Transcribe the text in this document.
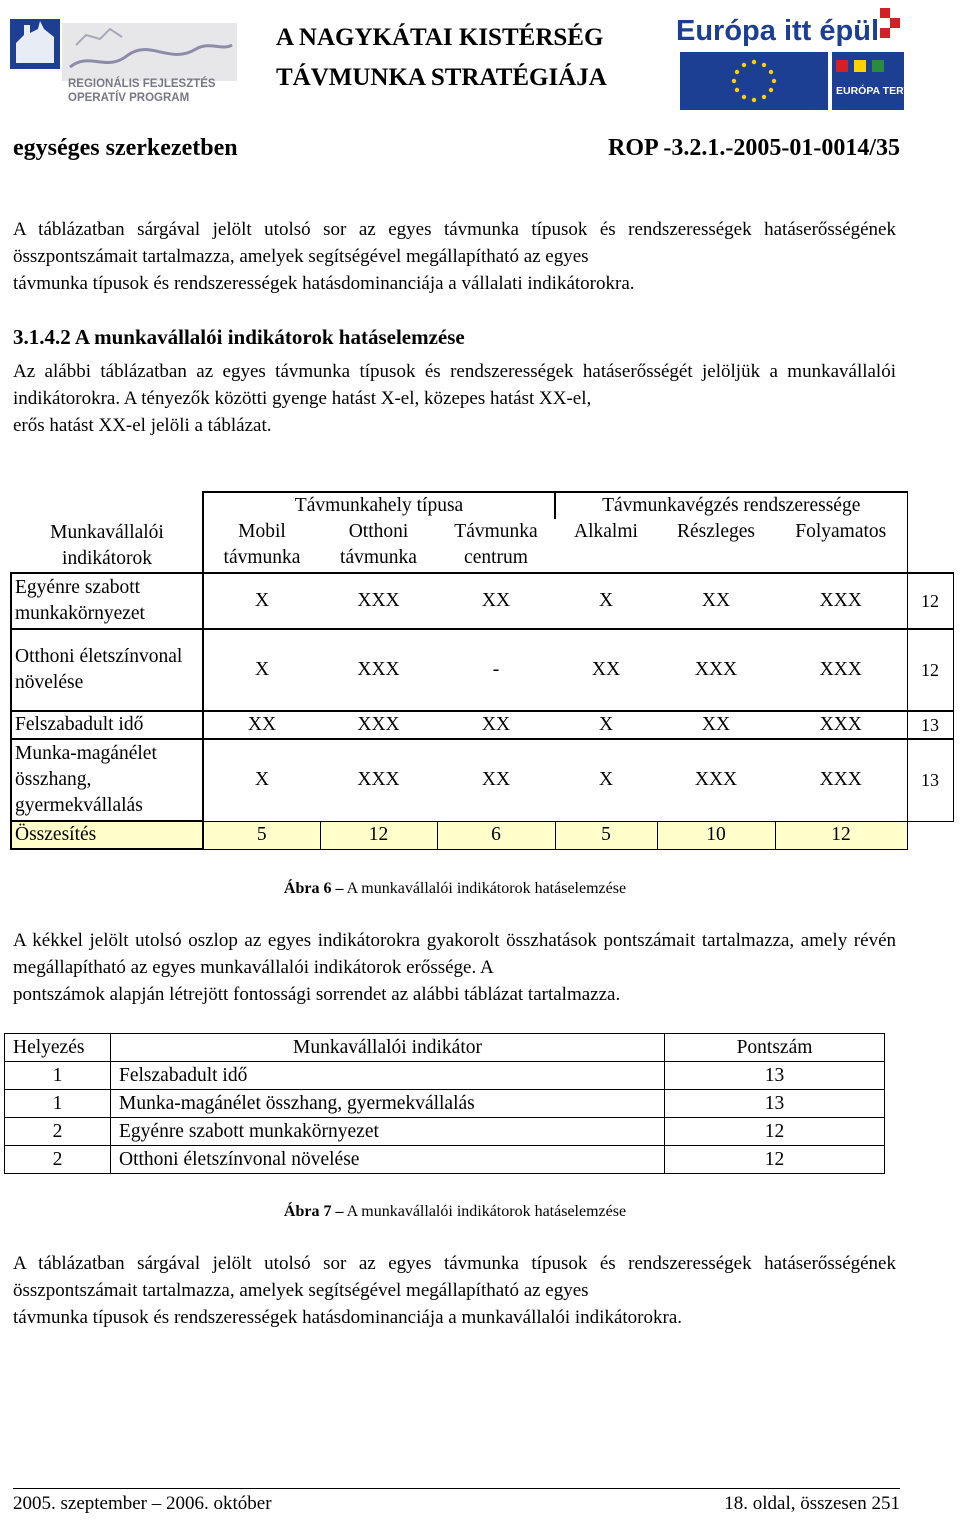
REGIONÁLIS FEJLESZTÉS
OPERATÍV PROGRAM
A NAGYKÁTAI KISTÉRSÉG
TÁVMUNKA STRATÉGIÁJA
Európa itt épül
EURÓPA TERV
egységes szerkezetben	ROP -3.2.1.-2005-01-0014/35
A táblázatban sárgával jelölt utolsó sor az egyes távmunka típusok és rendszerességek hatáserősségének összpontszámait tartalmazza, amelyek segítségével megállapítható az egyes
távmunka típusok és rendszerességek hatásdominanciája a vállalati indikátorokra.
3.1.4.2 A munkavállalói indikátorok hatáselemzése
Az alábbi táblázatban az egyes távmunka típusok és rendszerességek hatáserősségét jelöljük a munkavállalói indikátorokra. A tényezők közötti gyenge hatást X-el, közepes hatást XX-el,
erős hatást XX-el jelöli a táblázat.
Munkavállalói indikátorok	Távmunkahely típusa			Távmunkavégzés rendszeressége			
	Mobil távmunka	Otthoni távmunka	Távmunka centrum	Alkalmi	Részleges	Folyamatos	
Egyénre szabott munkakörnyezet	X	XXX	XX	X	XX	XXX	12
Otthoni életszínvonal növelése	X	XXX	-	XX	XXX	XXX	12
Felszabadult idő	XX	XXX	XX	X	XX	XXX	13
Munka-magánélet összhang, gyermekvállalás	X	XXX	XX	X	XXX	XXX	13
Összesítés	5	12	6	5	10	12	
Ábra 6 – A munkavállalói indikátorok hatáselemzése
A kékkel jelölt utolsó oszlop az egyes indikátorokra gyakorolt összhatások pontszámait tartalmazza, amely révén megállapítható az egyes munkavállalói indikátorok erőssége. A
pontszámok alapján létrejött fontossági sorrendet az alábbi táblázat tartalmazza.
Helyezés	Munkavállalói indikátor	Pontszám
1	Felszabadult idő	13
1	Munka-magánélet összhang, gyermekvállalás	13
2	Egyénre szabott munkakörnyezet	12
2	Otthoni életszínvonal növelése	12
Ábra 7 – A munkavállalói indikátorok hatáselemzése
A táblázatban sárgával jelölt utolsó sor az egyes távmunka típusok és rendszerességek hatáserősségének összpontszámait tartalmazza, amelyek segítségével megállapítható az egyes
távmunka típusok és rendszerességek hatásdominanciája a munkavállalói indikátorokra.
2005. szeptember – 2006. október	18. oldal, összesen 251
